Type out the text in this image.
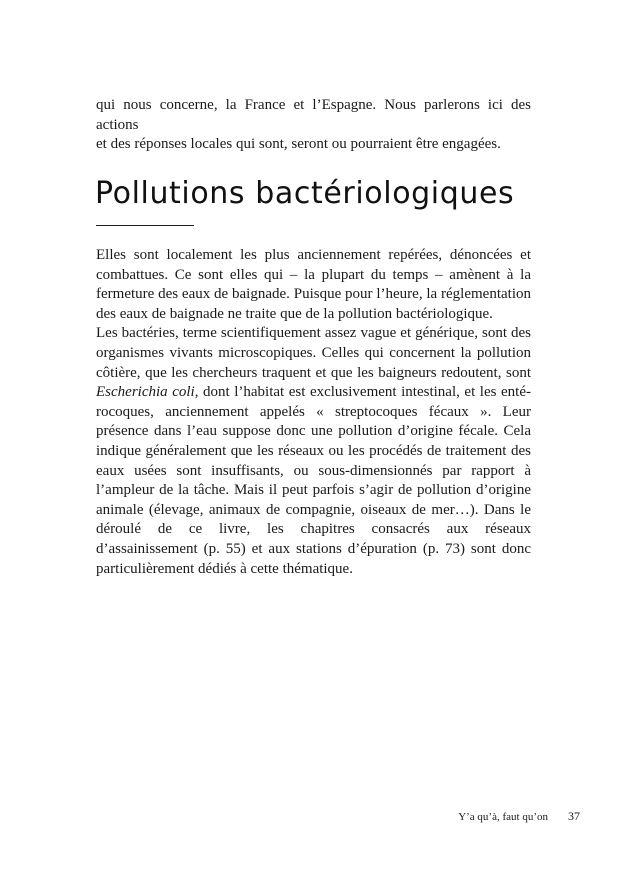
qui nous concerne, la France et l’Espagne. Nous parlerons ici des actions
et des réponses locales qui sont, seront ou pourraient être engagées.

Pollutions bactériologiques

Elles sont localement les plus anciennement repérées, dénoncées et combattues. Ce sont elles qui – la plupart du temps – amènent à la fermeture des eaux de baignade. Puisque pour l’heure, la réglementation des eaux de baignade ne traite que de la pollution bactériologique.

Les bactéries, terme scientifiquement assez vague et générique, sont des organismes vivants microscopiques. Celles qui concernent la pollution côtière, que les chercheurs traquent et que les baigneurs redoutent, sont Escherichia coli, dont l’habitat est exclusivement intestinal, et les entérocoques, anciennement appelés « streptocoques fécaux ». Leur présence dans l’eau suppose donc une pollution d’origine fécale. Cela indique généralement que les réseaux ou les procédés de traitement des eaux usées sont insuffisants, ou sous-dimensionnés par rapport à l’ampleur de la tâche. Mais il peut parfois s’agir de pollution d’origine animale (élevage, animaux de compagnie, oiseaux de mer…). Dans le déroulé de ce livre, les chapitres consacrés aux réseaux d’assainissement (p. 55) et aux stations d’épuration (p. 73) sont donc particulièrement dédiés à cette thématique.

Y’a qu’à, faut qu’on 37
